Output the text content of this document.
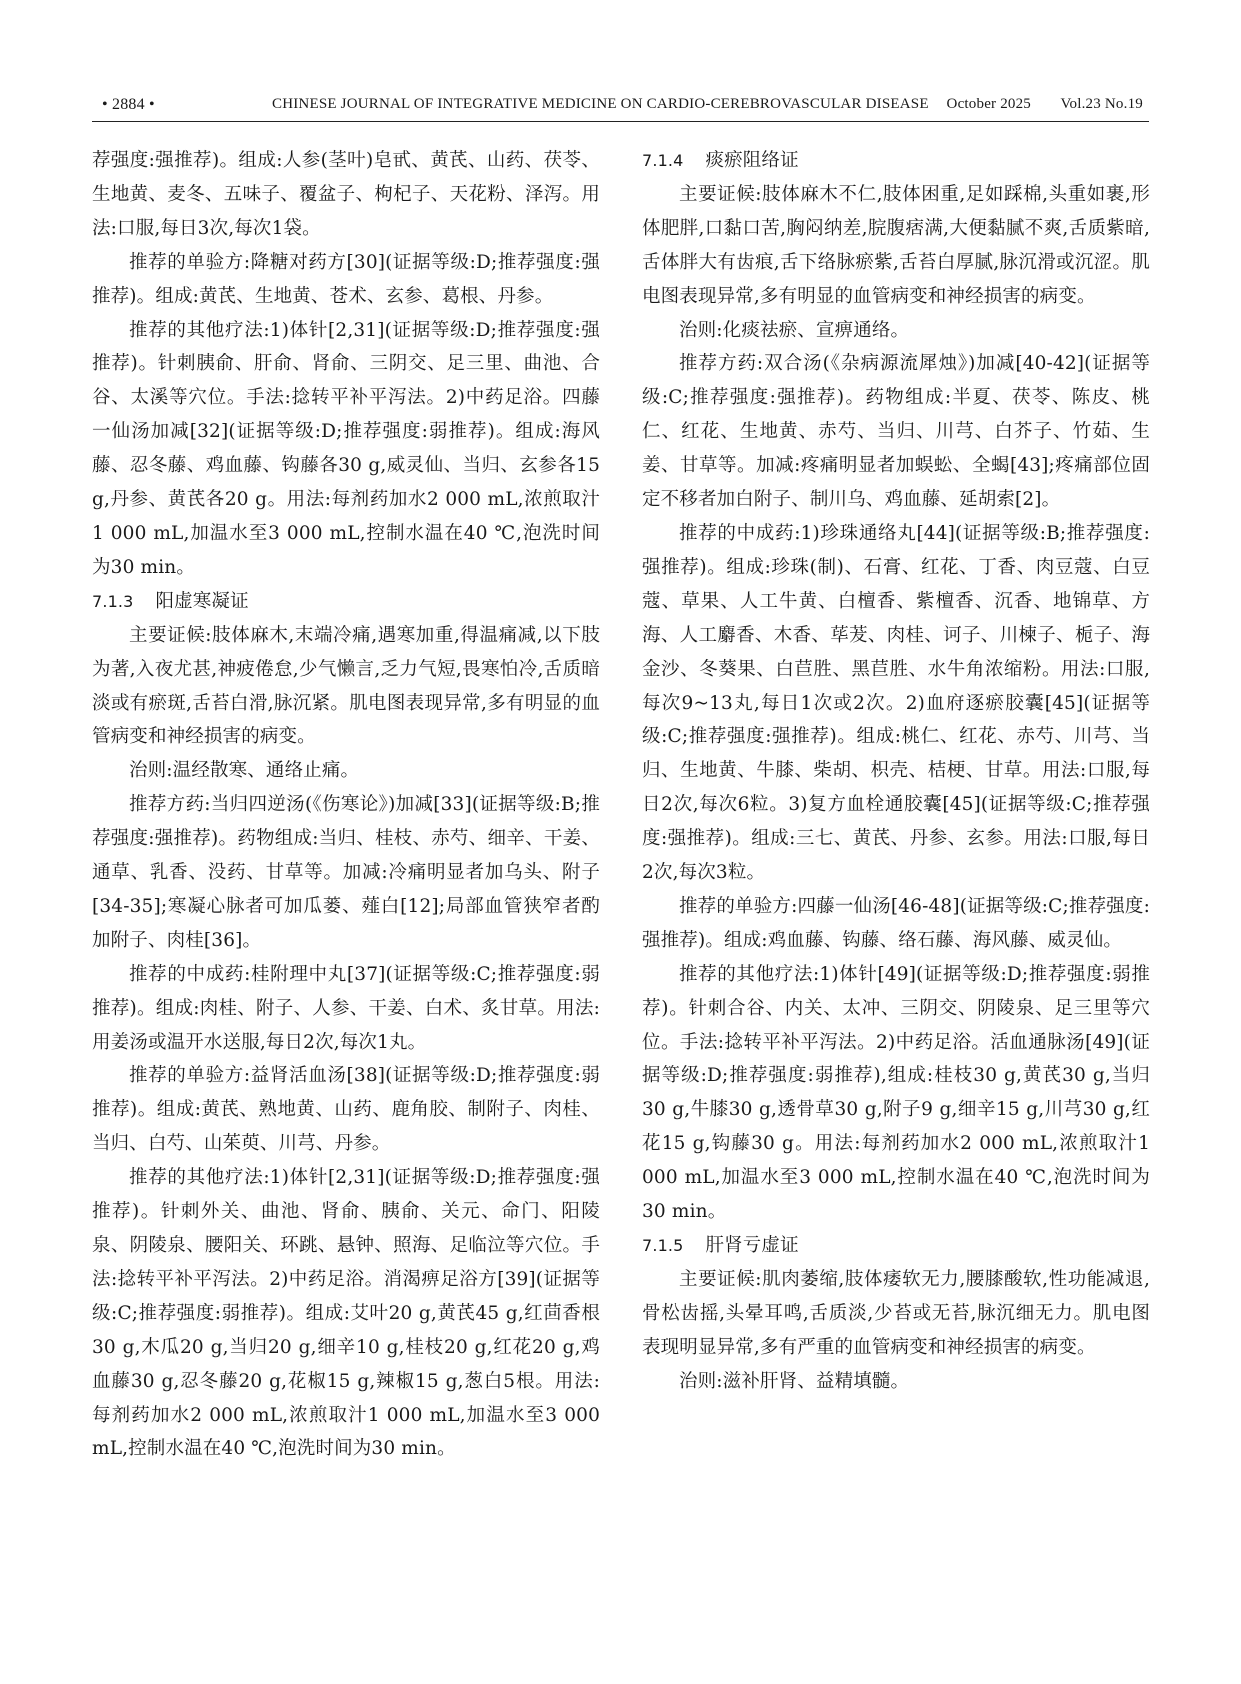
• 2884 •	CHINESE JOURNAL OF INTEGRATIVE MEDICINE ON CARDIO-CEREBROVASCULAR DISEASE October 2025 Vol.23 No.19

荐强度:强推荐)。组成:人参(茎叶)皂甙、黄芪、山药、茯苓、生地黄、麦冬、五味子、覆盆子、枸杞子、天花粉、泽泻。用法:口服,每日3次,每次1袋。

推荐的单验方:降糖对药方[30](证据等级:D;推荐强度:强推荐)。组成:黄芪、生地黄、苍术、玄参、葛根、丹参。

推荐的其他疗法:1)体针[2,31](证据等级:D;推荐强度:强推荐)。针刺胰俞、肝俞、肾俞、三阴交、足三里、曲池、合谷、太溪等穴位。手法:捻转平补平泻法。2)中药足浴。四藤一仙汤加减[32](证据等级:D;推荐强度:弱推荐)。组成:海风藤、忍冬藤、鸡血藤、钩藤各30 g,威灵仙、当归、玄参各15 g,丹参、黄芪各20 g。用法:每剂药加水2 000 mL,浓煎取汁1 000 mL,加温水至3 000 mL,控制水温在40 ℃,泡洗时间为30 min。

7.1.3 阳虚寒凝证

主要证候:肢体麻木,末端冷痛,遇寒加重,得温痛减,以下肢为著,入夜尤甚,神疲倦怠,少气懒言,乏力气短,畏寒怕冷,舌质暗淡或有瘀斑,舌苔白滑,脉沉紧。肌电图表现异常,多有明显的血管病变和神经损害的病变。

治则:温经散寒、通络止痛。

推荐方药:当归四逆汤(《伤寒论》)加减[33](证据等级:B;推荐强度:强推荐)。药物组成:当归、桂枝、赤芍、细辛、干姜、通草、乳香、没药、甘草等。加减:冷痛明显者加乌头、附子[34-35];寒凝心脉者可加瓜蒌、薤白[12];局部血管狭窄者酌加附子、肉桂[36]。

推荐的中成药:桂附理中丸[37](证据等级:C;推荐强度:弱推荐)。组成:肉桂、附子、人参、干姜、白术、炙甘草。用法:用姜汤或温开水送服,每日2次,每次1丸。

推荐的单验方:益肾活血汤[38](证据等级:D;推荐强度:弱推荐)。组成:黄芪、熟地黄、山药、鹿角胶、制附子、肉桂、当归、白芍、山茱萸、川芎、丹参。

推荐的其他疗法:1)体针[2,31](证据等级:D;推荐强度:强推荐)。针刺外关、曲池、肾俞、胰俞、关元、命门、阳陵泉、阴陵泉、腰阳关、环跳、悬钟、照海、足临泣等穴位。手法:捻转平补平泻法。2)中药足浴。消渴痹足浴方[39](证据等级:C;推荐强度:弱推荐)。组成:艾叶20 g,黄芪45 g,红茴香根30 g,木瓜20 g,当归20 g,细辛10 g,桂枝20 g,红花20 g,鸡血藤30 g,忍冬藤20 g,花椒15 g,辣椒15 g,葱白5根。用法:每剂药加水2 000 mL,浓煎取汁1 000 mL,加温水至3 000 mL,控制水温在40 ℃,泡洗时间为30 min。

7.1.4 痰瘀阻络证

主要证候:肢体麻木不仁,肢体困重,足如踩棉,头重如裹,形体肥胖,口黏口苦,胸闷纳差,脘腹痞满,大便黏腻不爽,舌质紫暗,舌体胖大有齿痕,舌下络脉瘀紫,舌苔白厚腻,脉沉滑或沉涩。肌电图表现异常,多有明显的血管病变和神经损害的病变。

治则:化痰祛瘀、宣痹通络。

推荐方药:双合汤(《杂病源流犀烛》)加减[40-42](证据等级:C;推荐强度:强推荐)。药物组成:半夏、茯苓、陈皮、桃仁、红花、生地黄、赤芍、当归、川芎、白芥子、竹茹、生姜、甘草等。加减:疼痛明显者加蜈蚣、全蝎[43];疼痛部位固定不移者加白附子、制川乌、鸡血藤、延胡索[2]。

推荐的中成药:1)珍珠通络丸[44](证据等级:B;推荐强度:强推荐)。组成:珍珠(制)、石膏、红花、丁香、肉豆蔻、白豆蔻、草果、人工牛黄、白檀香、紫檀香、沉香、地锦草、方海、人工麝香、木香、荜茇、肉桂、诃子、川楝子、栀子、海金沙、冬葵果、白苣胜、黑苣胜、水牛角浓缩粉。用法:口服,每次9~13丸,每日1次或2次。2)血府逐瘀胶囊[45](证据等级:C;推荐强度:强推荐)。组成:桃仁、红花、赤芍、川芎、当归、生地黄、牛膝、柴胡、枳壳、桔梗、甘草。用法:口服,每日2次,每次6粒。3)复方血栓通胶囊[45](证据等级:C;推荐强度:强推荐)。组成:三七、黄芪、丹参、玄参。用法:口服,每日2次,每次3粒。

推荐的单验方:四藤一仙汤[46-48](证据等级:C;推荐强度:强推荐)。组成:鸡血藤、钩藤、络石藤、海风藤、威灵仙。

推荐的其他疗法:1)体针[49](证据等级:D;推荐强度:弱推荐)。针刺合谷、内关、太冲、三阴交、阴陵泉、足三里等穴位。手法:捻转平补平泻法。2)中药足浴。活血通脉汤[49](证据等级:D;推荐强度:弱推荐),组成:桂枝30 g,黄芪30 g,当归30 g,牛膝30 g,透骨草30 g,附子9 g,细辛15 g,川芎30 g,红花15 g,钩藤30 g。用法:每剂药加水2 000 mL,浓煎取汁1 000 mL,加温水至3 000 mL,控制水温在40 ℃,泡洗时间为30 min。

7.1.5 肝肾亏虚证

主要证候:肌肉萎缩,肢体痿软无力,腰膝酸软,性功能减退,骨松齿摇,头晕耳鸣,舌质淡,少苔或无苔,脉沉细无力。肌电图表现明显异常,多有严重的血管病变和神经损害的病变。

治则:滋补肝肾、益精填髓。
